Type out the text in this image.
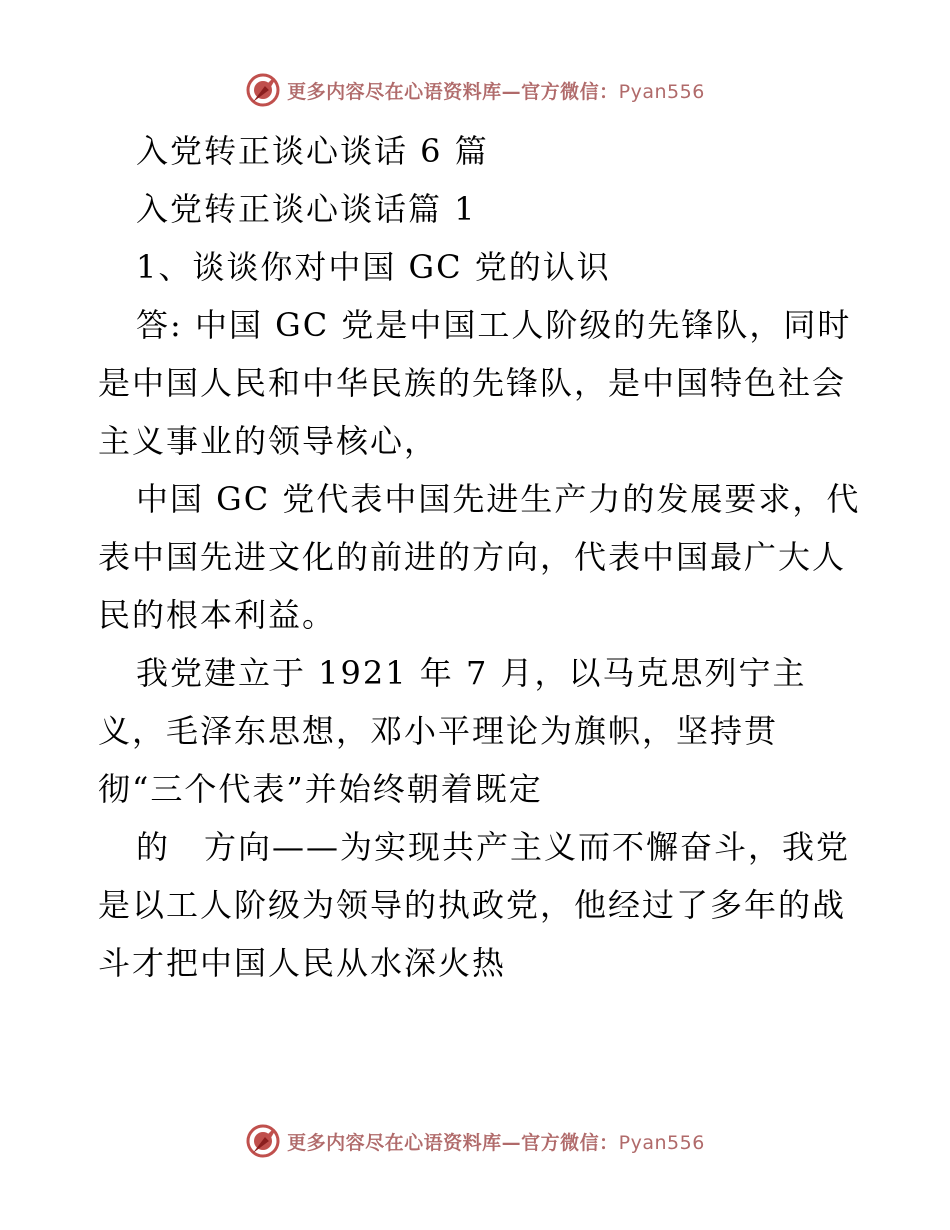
更多内容尽在心语资料库—官方微信：Pyan556
入党转正谈心谈话 6 篇
入党转正谈心谈话篇 1
1、谈谈你对中国 GC 党的认识
答: 中国 GC 党是中国工人阶级的先锋队，同时
是中国人民和中华民族的先锋队，是中国特色社会
主义事业的领导核心，
中国 GC 党代表中国先进生产力的发展要求，代
表中国先进文化的前进的方向，代表中国最广大人
民的根本利益。
我党建立于 1921 年 7 月，以马克思列宁主
义，毛泽东思想，邓小平理论为旗帜，坚持贯
彻“三个代表”并始终朝着既定
的　方向——为实现共产主义而不懈奋斗，我党
是以工人阶级为领导的执政党，他经过了多年的战
斗才把中国人民从水深火热
更多内容尽在心语资料库—官方微信：Pyan556
